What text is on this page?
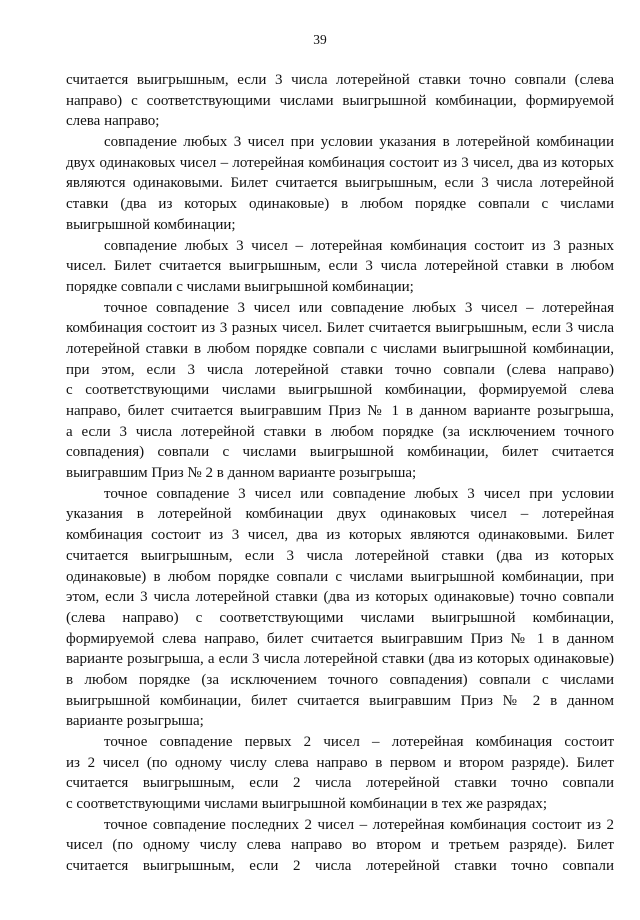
39
считается выигрышным, если 3 числа лотерейной ставки точно совпали (слева
направо) с соответствующими числами выигрышной комбинации, формируемой
слева направо;
совпадение любых 3 чисел при условии указания в лотерейной комбинации
двух одинаковых чисел – лотерейная комбинация состоит из 3 чисел, два из которых
являются одинаковыми. Билет считается выигрышным, если 3 числа лотерейной
ставки (два из которых одинаковые) в любом порядке совпали с числами
выигрышной комбинации;
совпадение любых 3 чисел – лотерейная комбинация состоит из 3 разных
чисел. Билет считается выигрышным, если 3 числа лотерейной ставки в любом
порядке совпали с числами выигрышной комбинации;
точное совпадение 3 чисел или совпадение любых 3 чисел – лотерейная
комбинация состоит из 3 разных чисел. Билет считается выигрышным, если 3 числа
лотерейной ставки в любом порядке совпали с числами выигрышной комбинации,
при этом, если 3 числа лотерейной ставки точно совпали (слева направо)
с соответствующими числами выигрышной комбинации, формируемой слева
направо, билет считается выигравшим Приз № 1 в данном варианте розыгрыша,
а если 3 числа лотерейной ставки в любом порядке (за исключением точного
совпадения) совпали с числами выигрышной комбинации, билет считается
выигравшим Приз № 2 в данном варианте розыгрыша;
точное совпадение 3 чисел или совпадение любых 3 чисел при условии
указания в лотерейной комбинации двух одинаковых чисел – лотерейная
комбинация состоит из 3 чисел, два из которых являются одинаковыми. Билет
считается выигрышным, если 3 числа лотерейной ставки (два из которых
одинаковые) в любом порядке совпали с числами выигрышной комбинации, при
этом, если 3 числа лотерейной ставки (два из которых одинаковые) точно совпали
(слева направо) с соответствующими числами выигрышной комбинации,
формируемой слева направо, билет считается выигравшим Приз № 1 в данном
варианте розыгрыша, а если 3 числа лотерейной ставки (два из которых одинаковые)
в любом порядке (за исключением точного совпадения) совпали с числами
выигрышной комбинации, билет считается выигравшим Приз № 2 в данном
варианте розыгрыша;
точное совпадение первых 2 чисел – лотерейная комбинация состоит
из 2 чисел (по одному числу слева направо в первом и втором разряде). Билет
считается выигрышным, если 2 числа лотерейной ставки точно совпали
с соответствующими числами выигрышной комбинации в тех же разрядах;
точное совпадение последних 2 чисел – лотерейная комбинация состоит из 2
чисел (по одному числу слева направо во втором и третьем разряде). Билет
считается выигрышным, если 2 числа лотерейной ставки точно совпали
